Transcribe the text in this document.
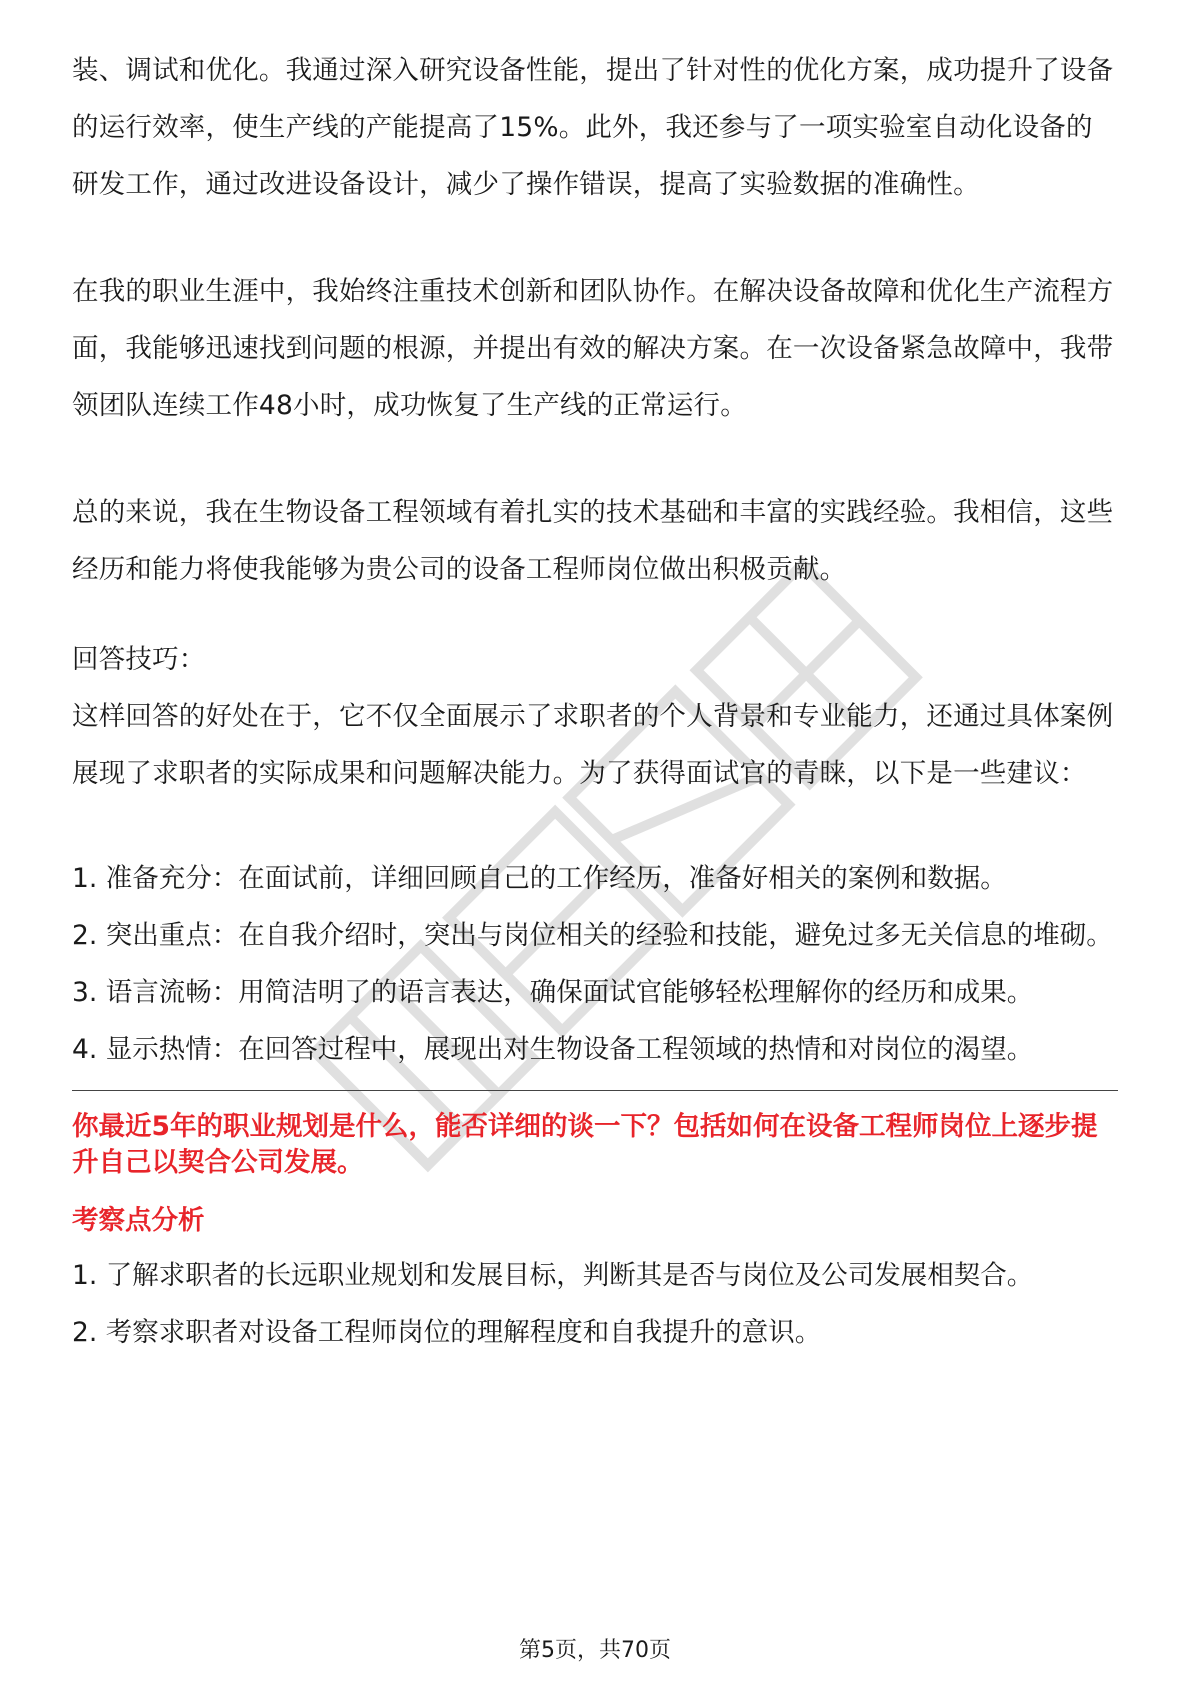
装、调试和优化。我通过深入研究设备性能，提出了针对性的优化方案，成功提升了设备的运行效率，使生产线的产能提高了15%。此外，我还参与了一项实验室自动化设备的研发工作，通过改进设备设计，减少了操作错误，提高了实验数据的准确性。

在我的职业生涯中，我始终注重技术创新和团队协作。在解决设备故障和优化生产流程方面，我能够迅速找到问题的根源，并提出有效的解决方案。在一次设备紧急故障中，我带领团队连续工作48小时，成功恢复了生产线的正常运行。

总的来说，我在生物设备工程领域有着扎实的技术基础和丰富的实践经验。我相信，这些经历和能力将使我能够为贵公司的设备工程师岗位做出积极贡献。

回答技巧：

这样回答的好处在于，它不仅全面展示了求职者的个人背景和专业能力，还通过具体案例展现了求职者的实际成果和问题解决能力。为了获得面试官的青睐，以下是一些建议：

1. 准备充分：在面试前，详细回顾自己的工作经历，准备好相关的案例和数据。

2. 突出重点：在自我介绍时，突出与岗位相关的经验和技能，避免过多无关信息的堆砌。

3. 语言流畅：用简洁明了的语言表达，确保面试官能够轻松理解你的经历和成果。

4. 显示热情：在回答过程中，展现出对生物设备工程领域的热情和对岗位的渴望。

你最近5年的职业规划是什么，能否详细的谈一下？包括如何在设备工程师岗位上逐步提升自己以契合公司发展。

考察点分析

1. 了解求职者的长远职业规划和发展目标，判断其是否与岗位及公司发展相契合。

2. 考察求职者对设备工程师岗位的理解程度和自我提升的意识。

第5页，共70页
